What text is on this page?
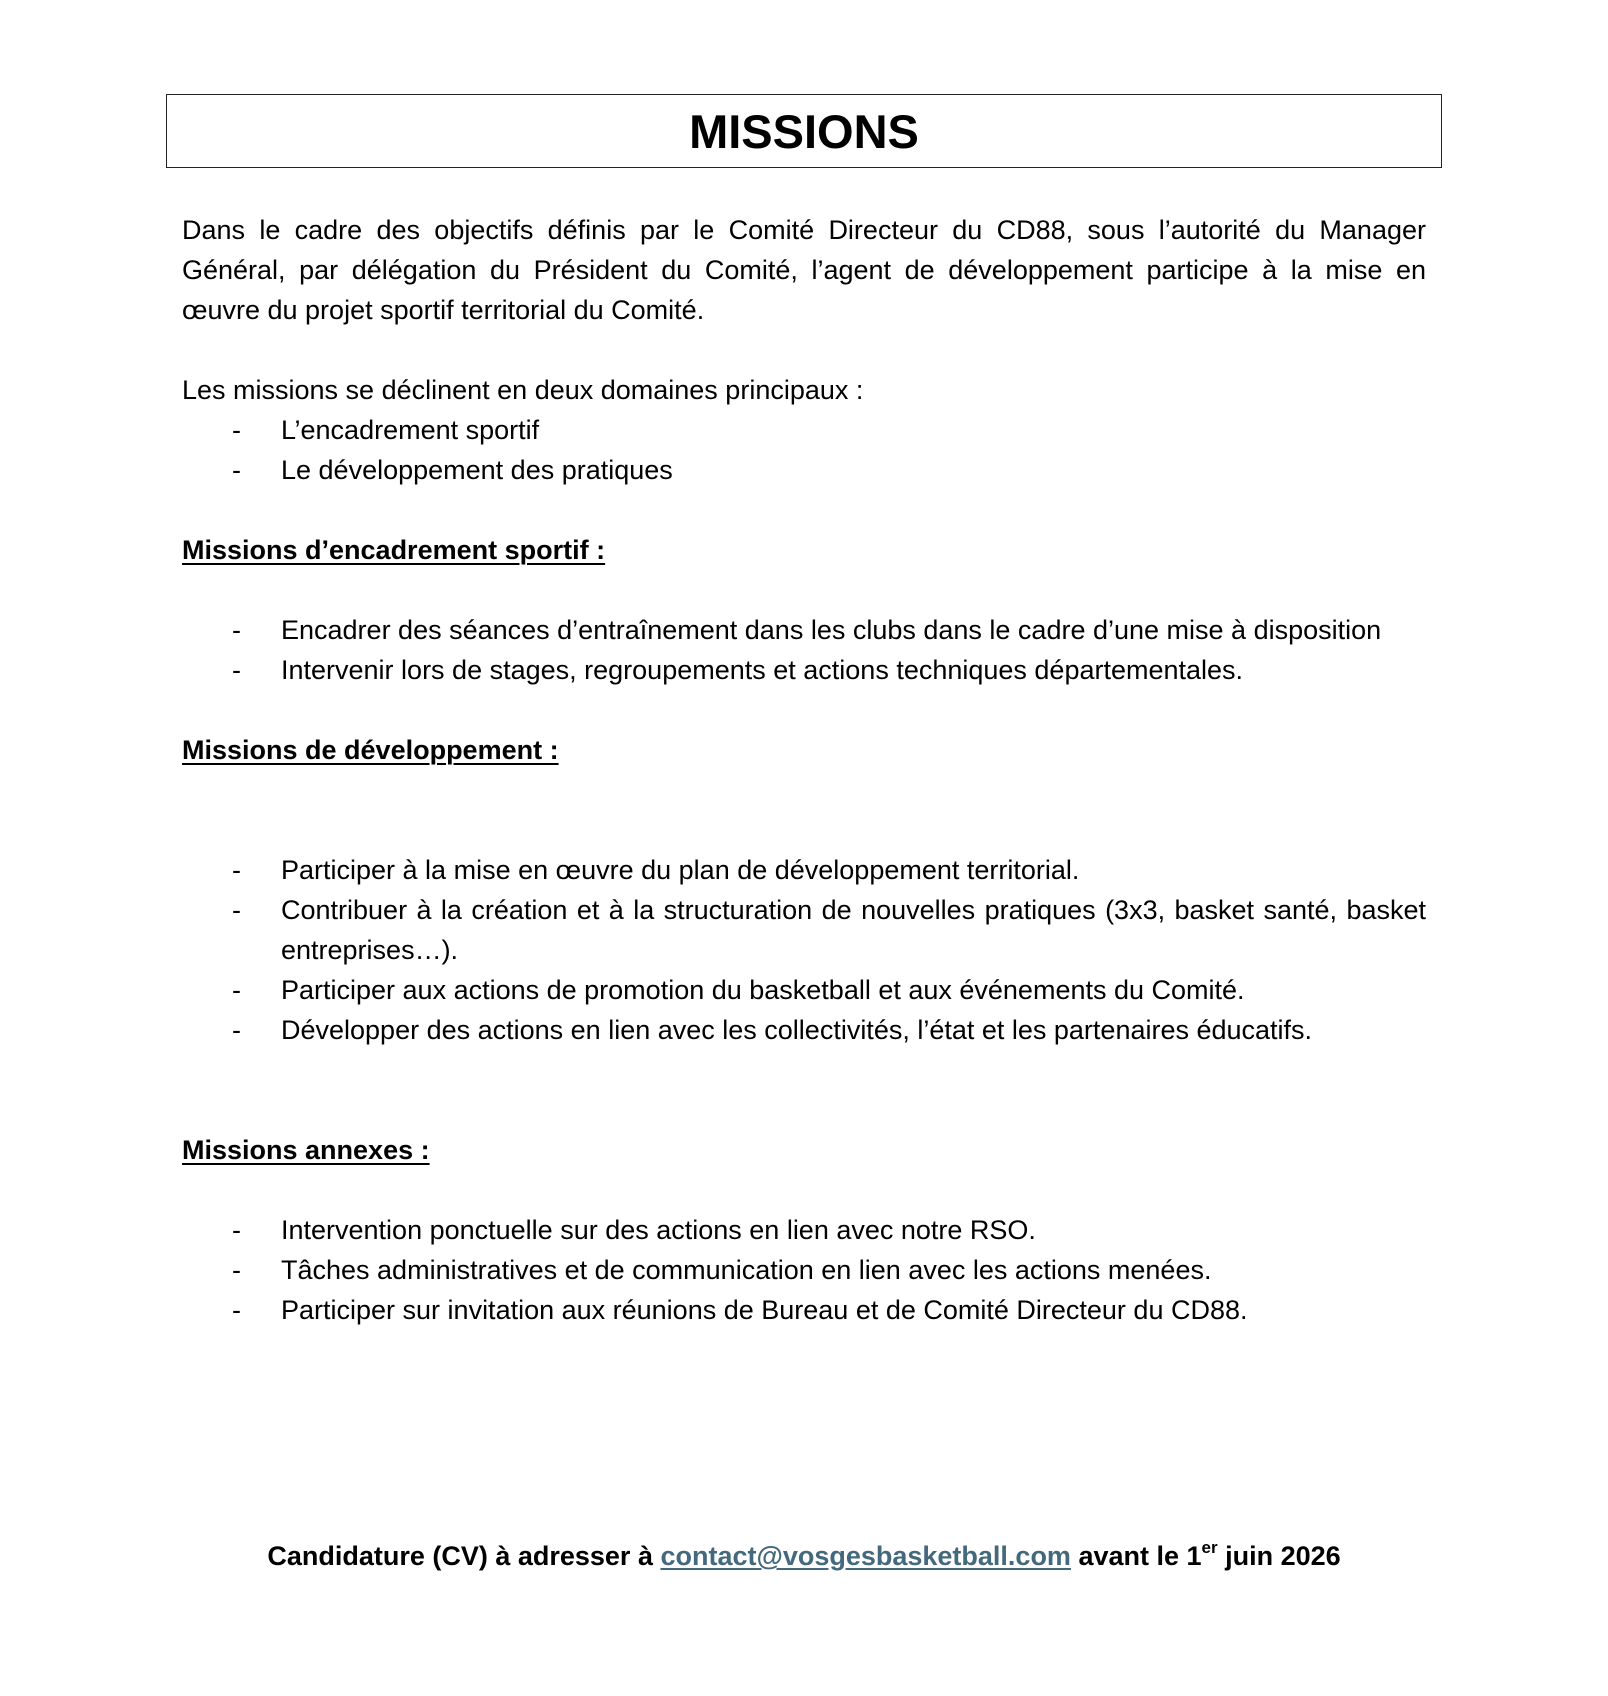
MISSIONS

Dans le cadre des objectifs définis par le Comité Directeur du CD88, sous l’autorité du Manager Général, par délégation du Président du Comité, l’agent de développement participe à la mise en œuvre du projet sportif territorial du Comité.

Les missions se déclinent en deux domaines principaux :

- L’encadrement sportif
- Le développement des pratiques

Missions d’encadrement sportif :

- Encadrer des séances d’entraînement dans les clubs dans le cadre d’une mise à disposition
- Intervenir lors de stages, regroupements et actions techniques départementales.

Missions de développement :

- Participer à la mise en œuvre du plan de développement territorial.
- Contribuer à la création et à la structuration de nouvelles pratiques (3x3, basket santé, basket entreprises…).
- Participer aux actions de promotion du basketball et aux événements du Comité.
- Développer des actions en lien avec les collectivités, l’état et les partenaires éducatifs.

Missions annexes :

- Intervention ponctuelle sur des actions en lien avec notre RSO.
- Tâches administratives et de communication en lien avec les actions menées.
- Participer sur invitation aux réunions de Bureau et de Comité Directeur du CD88.
Candidature (CV) à adresser à contact@vosgesbasketball.com avant le 1er juin 2026
